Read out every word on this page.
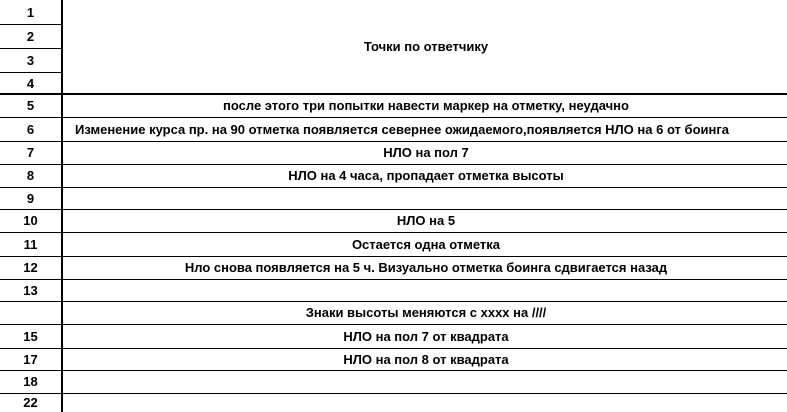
1
2
3
4
5
6
7
8
9
10
11
12
13
15
17
18
22
Точки по ответчику
после этого три попытки навести маркер на отметку, неудачно
Изменение курса пр. на 90 отметка появляется севернее ожидаемого,появляется НЛО на 6 от боинга
НЛО на пол 7
НЛО на 4 часа, пропадает отметка высоты
НЛО на 5
Остается одна отметка
Нло снова появляется на 5 ч. Визуально отметка боинга сдвигается назад
Знаки высоты меняются с хххх на ////
НЛО на пол 7 от квадрата
НЛО на пол 8 от квадрата
